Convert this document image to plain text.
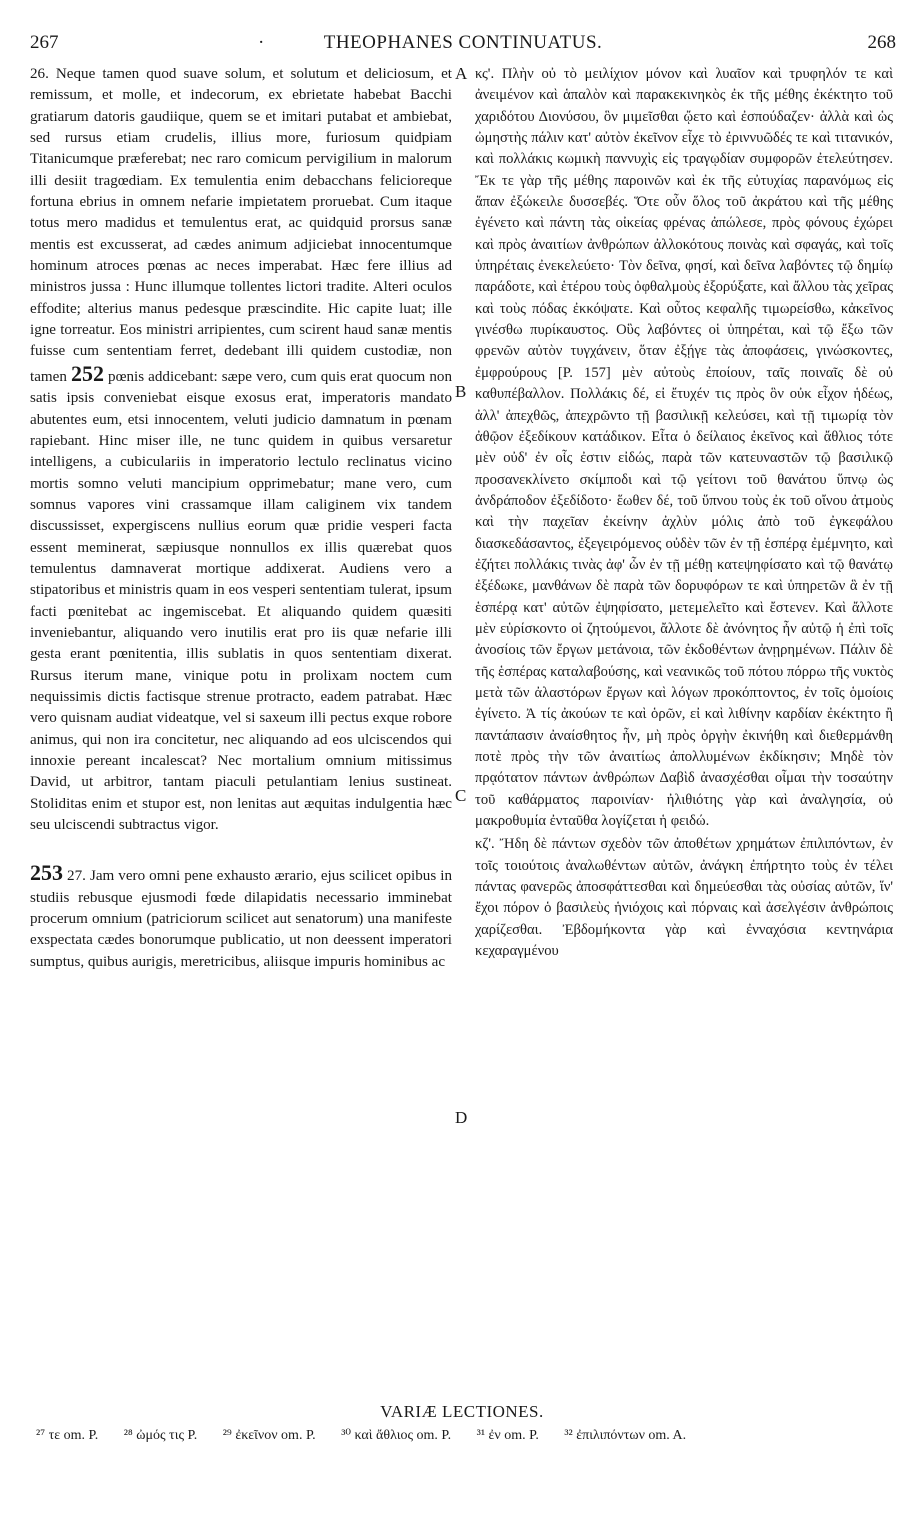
267	·	THEOPHANES CONTINUATUS.	268

26. Neque tamen quod suave solum, et solutum et deliciosum, et remissum, et molle, et indecorum, ex ebrietate habebat Bacchi gratiarum datoris gaudiique, quem se et imitari putabat et ambiebat, sed rursus etiam crudelis, illius more, furiosum quidpiam Titanicumque præferebat; nec raro comicum pervigilium in malorum illi desiit tragœdiam. Ex temulentia enim debacchans felicioreque fortuna ebrius in omnem nefarie impietatem proruebat. Cum itaque totus mero madidus et temulentus erat, ac quidquid prorsus sanæ mentis est excusserat, ad cædes animum adjiciebat innocentumque hominum atroces pœnas ac neces imperabat. Hæc fere illius ad ministros jussa : Hunc illumque tollentes lictori tradite. Alteri oculos effodite; alterius manus pedesque præscindite. Hic capite luat; ille igne torreatur. Eos ministri arripientes, cum scirent haud sanæ mentis fuisse cum sententiam ferret, dedebant illi quidem custodiæ, non tamen 252 pœnis addicebant: sæpe vero, cum quis erat quocum non satis ipsis conveniebat eisque exosus erat, imperatoris mandato abutentes eum, etsi innocentem, veluti judicio damnatum in pœnam rapiebant. Hinc miser ille, ne tunc quidem in quibus versaretur intelligens, a cubiculariis in imperatorio lectulo reclinatus vicino mortis somno veluti mancipium opprimebatur; mane vero, cum somnus vapores vini crassamque illam caliginem vix tandem discussisset, expergiscens nullius eorum quæ pridie vesperi facta essent meminerat, sæpiusque nonnullos ex illis quærebat quos temulentus damnaverat mortique addixerat. Audiens vero a stipatoribus et ministris quam in eos vesperi sententiam tulerat, ipsum facti pœnitebat ac ingemiscebat. Et aliquando quidem quæsiti inveniebantur, aliquando vero inutilis erat pro iis quæ nefarie illi gesta erant pœnitentia, illis sublatis in quos sententiam dixerat. Rursus iterum mane, vinique potu in prolixam noctem cum nequissimis dictis factisque strenue protracto, eadem patrabat. Hæc vero quisnam audiat videatque, vel si saxeum illi pectus exque robore animus, qui non ira concitetur, nec aliquando ad eos ulciscendos qui innoxie pereant incalescat? Nec mortalium omnium mitissimus David, ut arbitror, tantam piaculi petulantiam lenius sustineat. Stoliditas enim et stupor est, non lenitas aut æquitas indulgentia hæc seu ulciscendi subtractus vigor.

253 27. Jam vero omni pene exhausto ærario, ejus scilicet opibus in studiis rebusque ejusmodi fœde dilapidatis necessario imminebat procerum omnium (patriciorum scilicet aut senatorum) una manifeste exspectata cædes bonorumque publicatio, ut non deessent imperatori sumptus, quibus aurigis, meretricibus, aliisque impuris hominibus ac

A
B
C
D

κς'. Πλὴν οὐ τὸ μειλίχιον μόνον καὶ λυαῖον καὶ τρυφηλόν τε καὶ ἀνειμένον καὶ ἁπαλὸν καὶ παρακεκινηκὸς ἐκ τῆς μέθης ἐκέκτητο τοῦ χαριδότου Διονύσου, ὃν μιμεῖσθαι ᾤετο καὶ ἐσπούδαζεν· ἀλλὰ καὶ ὡς ὠμηστὴς πάλιν κατ' αὐτὸν ἐκεῖνον εἶχε τὸ ἐριννυῶδές τε καὶ τιτανικόν, καὶ πολλάκις κωμικὴ παννυχὶς εἰς τραγῳδίαν συμφορῶν ἐτελεύτησεν. Ἔκ τε γὰρ τῆς μέθης παροινῶν καὶ ἐκ τῆς εὐτυχίας παρανόμως εἰς ἅπαν ἐξώκειλε δυσσεβές. Ὅτε οὖν ὅλος τοῦ ἀκράτου καὶ τῆς μέθης ἐγένετο καὶ πάντη τὰς οἰκείας φρένας ἀπώλεσε, πρὸς φόνους ἐχώρει καὶ πρὸς ἀναιτίων ἀνθρώπων ἀλλοκότους ποινὰς καὶ σφαγάς, καὶ τοῖς ὑπηρέταις ἐνεκελεύετο· Τὸν δεῖνα, φησί, καὶ δεῖνα λαβόντες τῷ δημίῳ παράδοτε, καὶ ἑτέρου τοὺς ὀφθαλμοὺς ἐξορύξατε, καὶ ἄλλου τὰς χεῖρας καὶ τοὺς πόδας ἐκκόψατε. Καὶ οὗτος κεφαλῆς τιμωρείσθω, κἀκεῖνος γινέσθω πυρίκαυστος. Οὓς λαβόντες οἱ ὑπηρέται, καὶ τῷ ἔξω τῶν φρενῶν αὐτὸν τυγχάνειν, ὅταν ἐξῄγε τὰς ἀποφάσεις, γινώσκοντες, ἐμφρούρους [P. 157] μὲν αὐτοὺς ἐποίουν, ταῖς ποιναῖς δὲ οὐ καθυπέβαλλον. Πολλάκις δέ, εἰ ἔτυχέν τις πρὸς ὃν οὐκ εἶχον ἡδέως, ἀλλ' ἀπεχθῶς, ἀπεχρῶντο τῇ βασιλικῇ κελεύσει, καὶ τῇ τιμωρίᾳ τὸν ἀθῷον ἐξεδίκουν κατάδικον. Εἶτα ὁ δείλαιος ἐκεῖνος καὶ ἄθλιος τότε μὲν οὐδ' ἐν οἷς ἐστιν εἰδώς, παρὰ τῶν κατευναστῶν τῷ βασιλικῷ προσανεκλίνετο σκίμποδι καὶ τῷ γείτονι τοῦ θανάτου ὕπνῳ ὡς ἀνδράποδον ἐξεδίδοτο· ἕωθεν δέ, τοῦ ὕπνου τοὺς ἐκ τοῦ οἴνου ἀτμοὺς καὶ τὴν παχεῖαν ἐκείνην ἀχλὺν μόλις ἀπὸ τοῦ ἐγκεφάλου διασκεδάσαντος, ἐξεγειρόμενος οὐδὲν τῶν ἐν τῇ ἑσπέρᾳ ἐμέμνητο, καὶ ἐζήτει πολλάκις τινὰς ἀφ' ὧν ἐν τῇ μέθῃ κατεψηφίσατο καὶ τῷ θανάτῳ ἐξέδωκε, μανθάνων δὲ παρὰ τῶν δορυφόρων τε καὶ ὑπηρετῶν ἃ ἐν τῇ ἑσπέρᾳ κατ' αὐτῶν ἐψηφίσατο, μετεμελεῖτο καὶ ἔστενεν. Καὶ ἄλλοτε μὲν εὑρίσκοντο οἱ ζητούμενοι, ἄλλοτε δὲ ἀνόνητος ἦν αὐτῷ ἡ ἐπὶ τοῖς ἀνοσίοις τῶν ἔργων μετάνοια, τῶν ἐκδοθέντων ἀνῃρημένων. Πάλιν δὲ τῆς ἑσπέρας καταλαβούσης, καὶ νεανικῶς τοῦ πότου πόρρω τῆς νυκτὸς μετὰ τῶν ἀλαστόρων ἔργων καὶ λόγων προκόπτοντος, ἐν τοῖς ὁμοίοις ἐγίνετο. Ἀ τίς ἀκούων τε καὶ ὁρῶν, εἰ καὶ λιθίνην καρδίαν ἐκέκτητο ἢ παντάπασιν ἀναίσθητος ἦν, μὴ πρὸς ὀργὴν ἐκινήθη καὶ διεθερμάνθη ποτὲ πρὸς τὴν τῶν ἀναιτίως ἀπολλυμένων ἐκδίκησιν; Μηδὲ τὸν πρᾳότατον πάντων ἀνθρώπων Δαβὶδ ἀνασχέσθαι οἶμαι τὴν τοσαύτην τοῦ καθάρματος παροινίαν· ἠλιθιότης γὰρ καὶ ἀναλγησία, οὐ μακροθυμία ἐνταῦθα λογίζεται ἡ φειδώ.

κζ'. Ἤδη δὲ πάντων σχεδὸν τῶν ἀποθέτων χρημάτων ἐπιλιπόντων, ἐν τοῖς τοιούτοις ἀναλωθέντων αὐτῶν, ἀνάγκη ἐπήρτητο τοὺς ἐν τέλει πάντας φανερῶς ἀποσφάττεσθαι καὶ δημεύεσθαι τὰς οὐσίας αὐτῶν, ἵν' ἔχοι πόρον ὁ βασιλεὺς ἡνιόχοις καὶ πόρναις καὶ ἀσελγέσιν ἀνθρώποις χαρίζεσθαι. Ἐβδομήκοντα γὰρ καὶ ἐνναχόσια κεντηνάρια κεχαραγμένου

VARIÆ LECTIONES.
²⁷ τε om. P. ²⁸ ὠμός τις P. ²⁹ ἐκεῖνον om. P. ³⁰ καὶ ἄθλιος om. P. ³¹ ἐν om. P. ³² ἐπιλιπόντων om. A.
